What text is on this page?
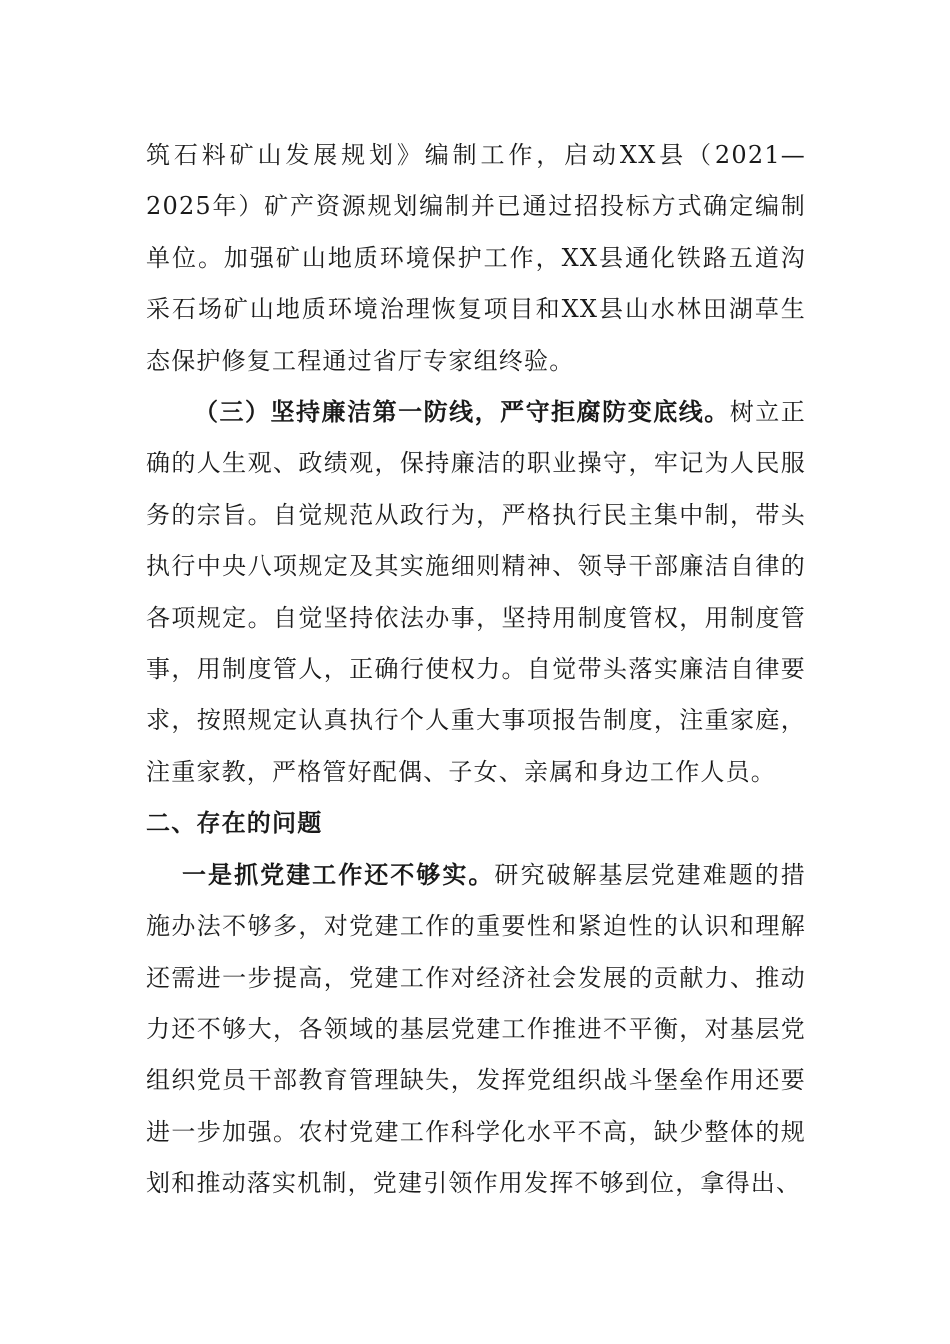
筑石料矿山发展规划》编制工作，启动XX县（2021—2025年）矿产资源规划编制并已通过招投标方式确定编制单位。加强矿山地质环境保护工作，XX县通化铁路五道沟采石场矿山地质环境治理恢复项目和XX县山水林田湖草生态保护修复工程通过省厅专家组终验。

（三）坚持廉洁第一防线，严守拒腐防变底线。树立正确的人生观、政绩观，保持廉洁的职业操守，牢记为人民服务的宗旨。自觉规范从政行为，严格执行民主集中制，带头执行中央八项规定及其实施细则精神、领导干部廉洁自律的各项规定。自觉坚持依法办事，坚持用制度管权，用制度管事，用制度管人，正确行使权力。自觉带头落实廉洁自律要求，按照规定认真执行个人重大事项报告制度，注重家庭，注重家教，严格管好配偶、子女、亲属和身边工作人员。

二、存在的问题

一是抓党建工作还不够实。研究破解基层党建难题的措施办法不够多，对党建工作的重要性和紧迫性的认识和理解还需进一步提高，党建工作对经济社会发展的贡献力、推动力还不够大，各领域的基层党建工作推进不平衡，对基层党组织党员干部教育管理缺失，发挥党组织战斗堡垒作用还要进一步加强。农村党建工作科学化水平不高，缺少整体的规划和推动落实机制，党建引领作用发挥不够到位，拿得出、
